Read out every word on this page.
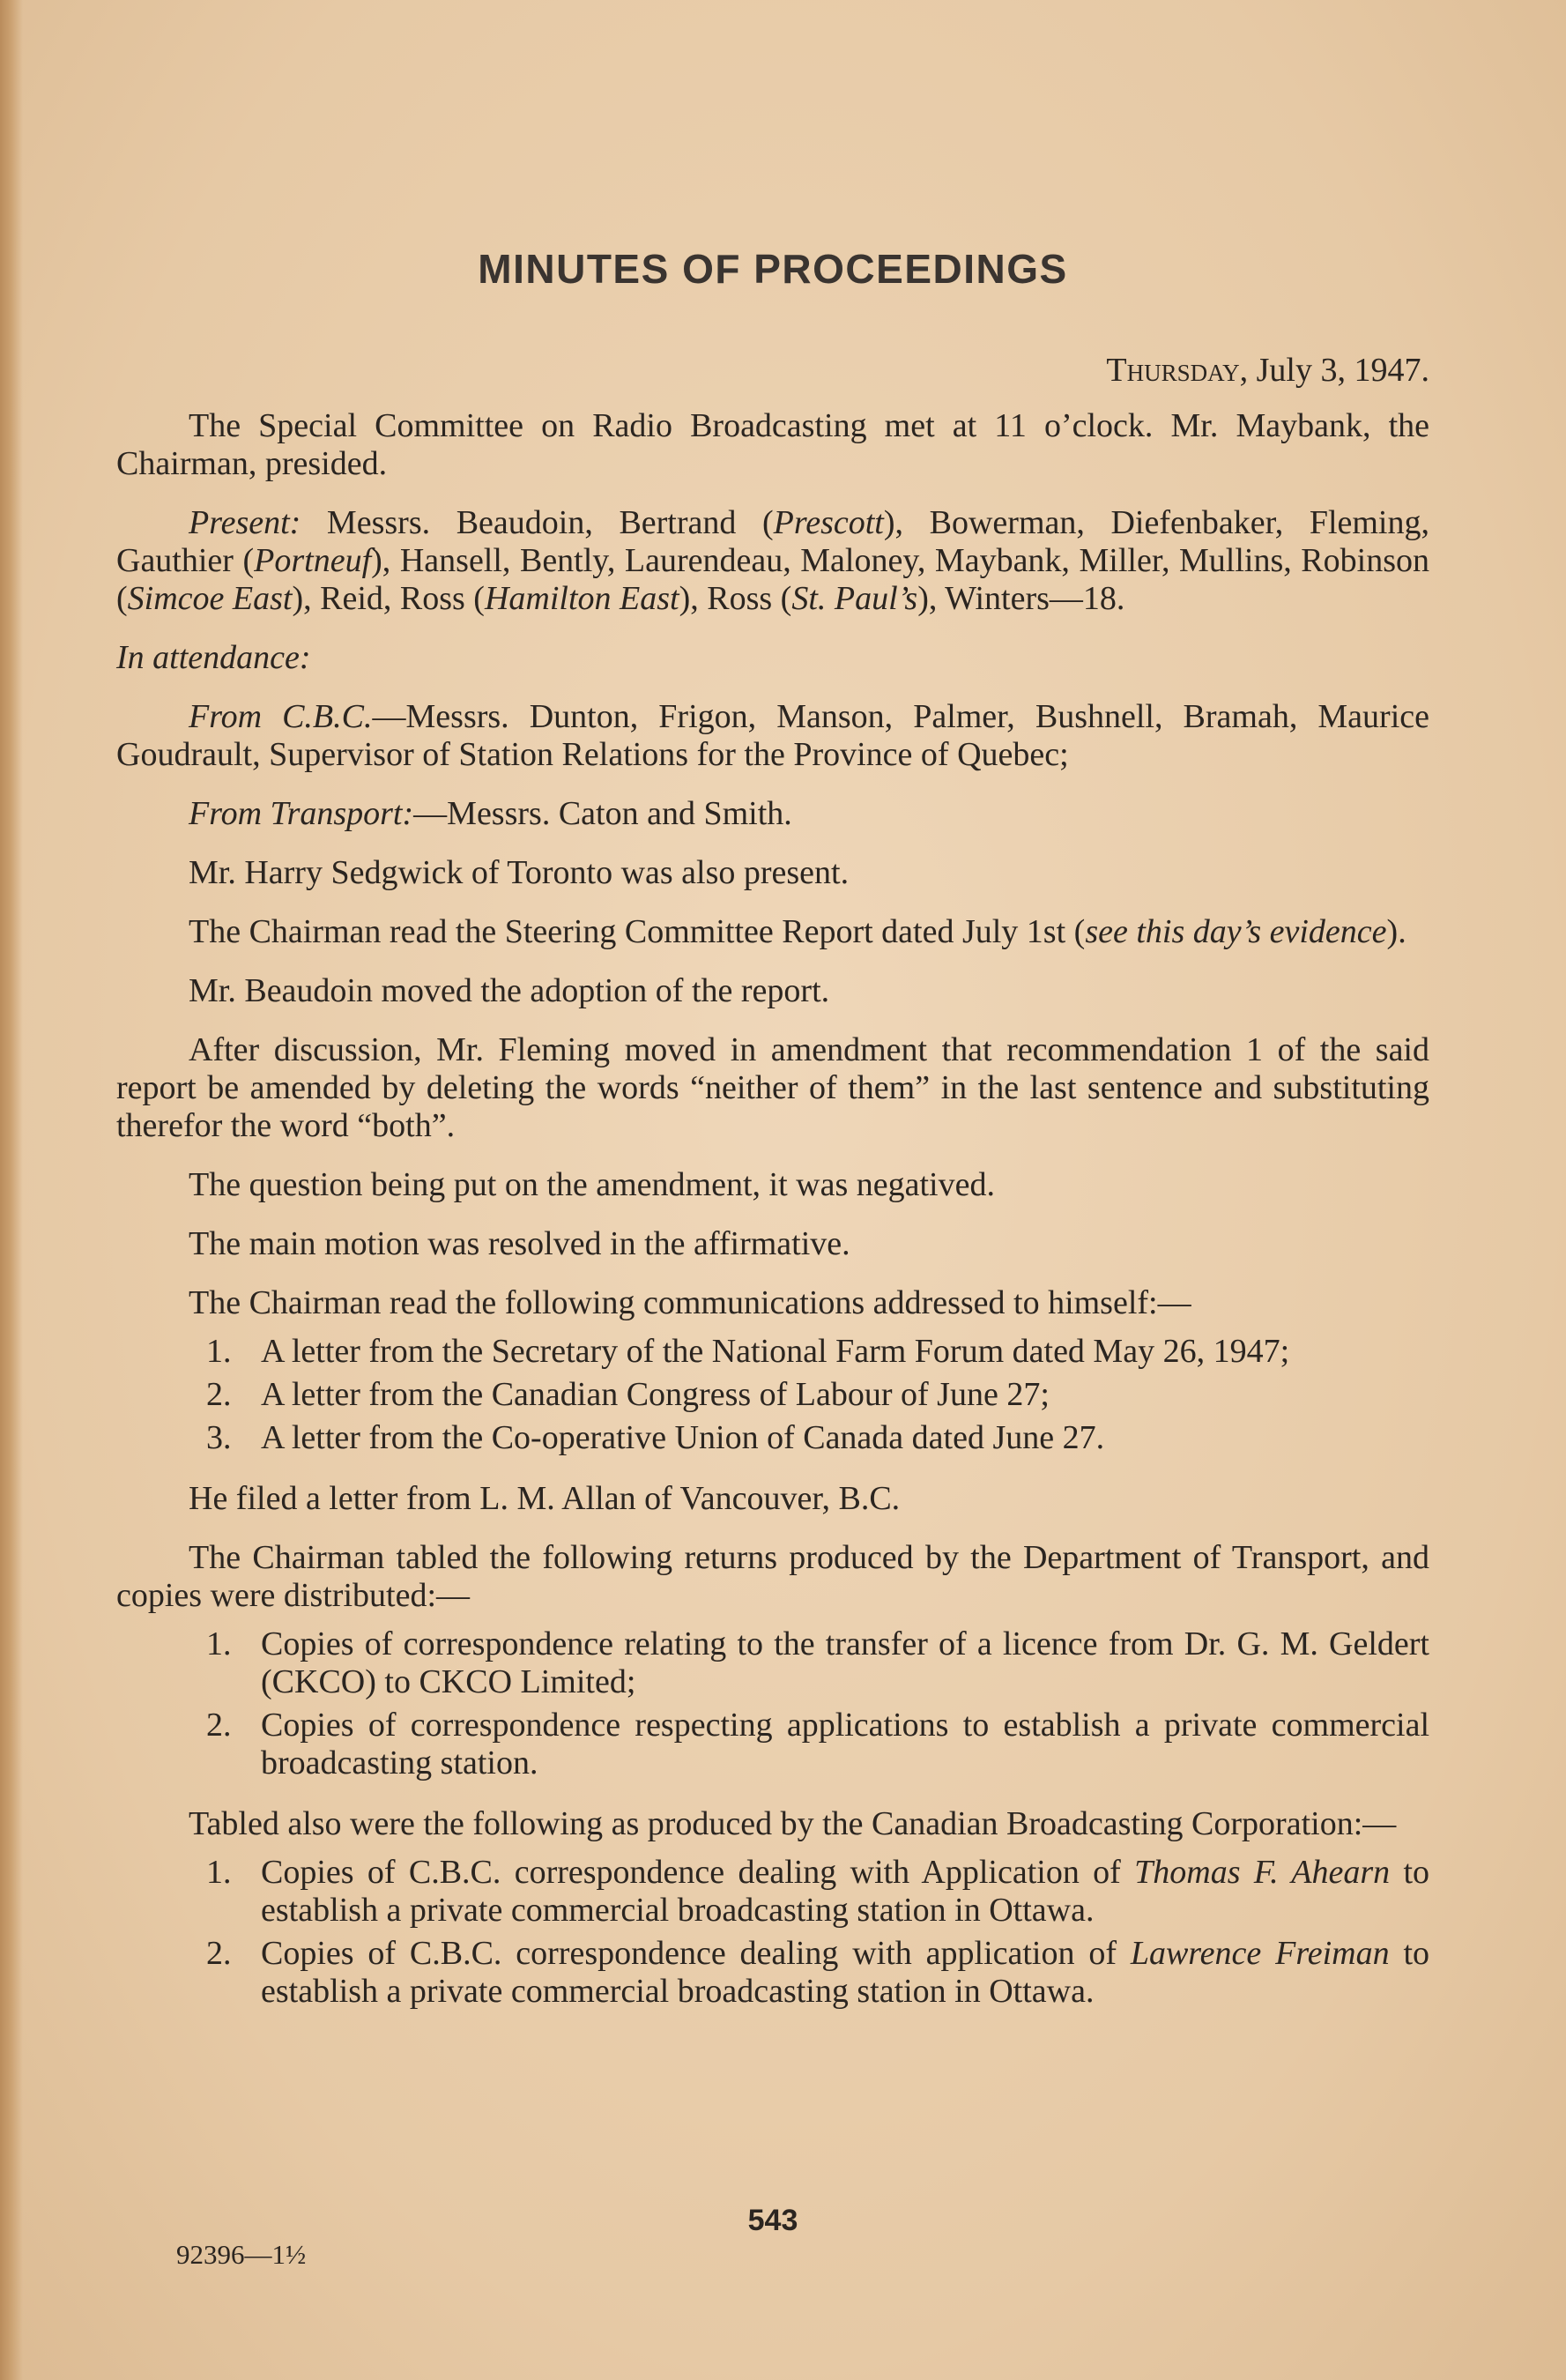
MINUTES OF PROCEEDINGS
Thursday, July 3, 1947.

The Special Committee on Radio Broadcasting met at 11 o’clock. Mr. Maybank, the Chairman, presided.

Present: Messrs. Beaudoin, Bertrand (Prescott), Bowerman, Diefenbaker, Fleming, Gauthier (Portneuf), Hansell, Bently, Laurendeau, Maloney, Maybank, Miller, Mullins, Robinson (Simcoe East), Reid, Ross (Hamilton East), Ross (St. Paul’s), Winters—18.

In attendance:

From C.B.C.—Messrs. Dunton, Frigon, Manson, Palmer, Bushnell, Bramah, Maurice Goudrault, Supervisor of Station Relations for the Province of Quebec;

From Transport:—Messrs. Caton and Smith.

Mr. Harry Sedgwick of Toronto was also present.

The Chairman read the Steering Committee Report dated July 1st (see this day’s evidence).

Mr. Beaudoin moved the adoption of the report.

After discussion, Mr. Fleming moved in amendment that recommendation 1 of the said report be amended by deleting the words “neither of them” in the last sentence and substituting therefor the word “both”.

The question being put on the amendment, it was negatived.

The main motion was resolved in the affirmative.

The Chairman read the following communications addressed to himself:—

1. A letter from the Secretary of the National Farm Forum dated May 26, 1947;
2. A letter from the Canadian Congress of Labour of June 27;
3. A letter from the Co-operative Union of Canada dated June 27.

He filed a letter from L. M. Allan of Vancouver, B.C.

The Chairman tabled the following returns produced by the Department of Transport, and copies were distributed:—

1. Copies of correspondence relating to the transfer of a licence from Dr. G. M. Geldert (CKCO) to CKCO Limited;
2. Copies of correspondence respecting applications to establish a private commercial broadcasting station.

Tabled also were the following as produced by the Canadian Broadcasting Corporation:—

1. Copies of C.B.C. correspondence dealing with Application of Thomas F. Ahearn to establish a private commercial broadcasting station in Ottawa.
2. Copies of C.B.C. correspondence dealing with application of Lawrence Freiman to establish a private commercial broadcasting station in Ottawa.
543
92396—1½
